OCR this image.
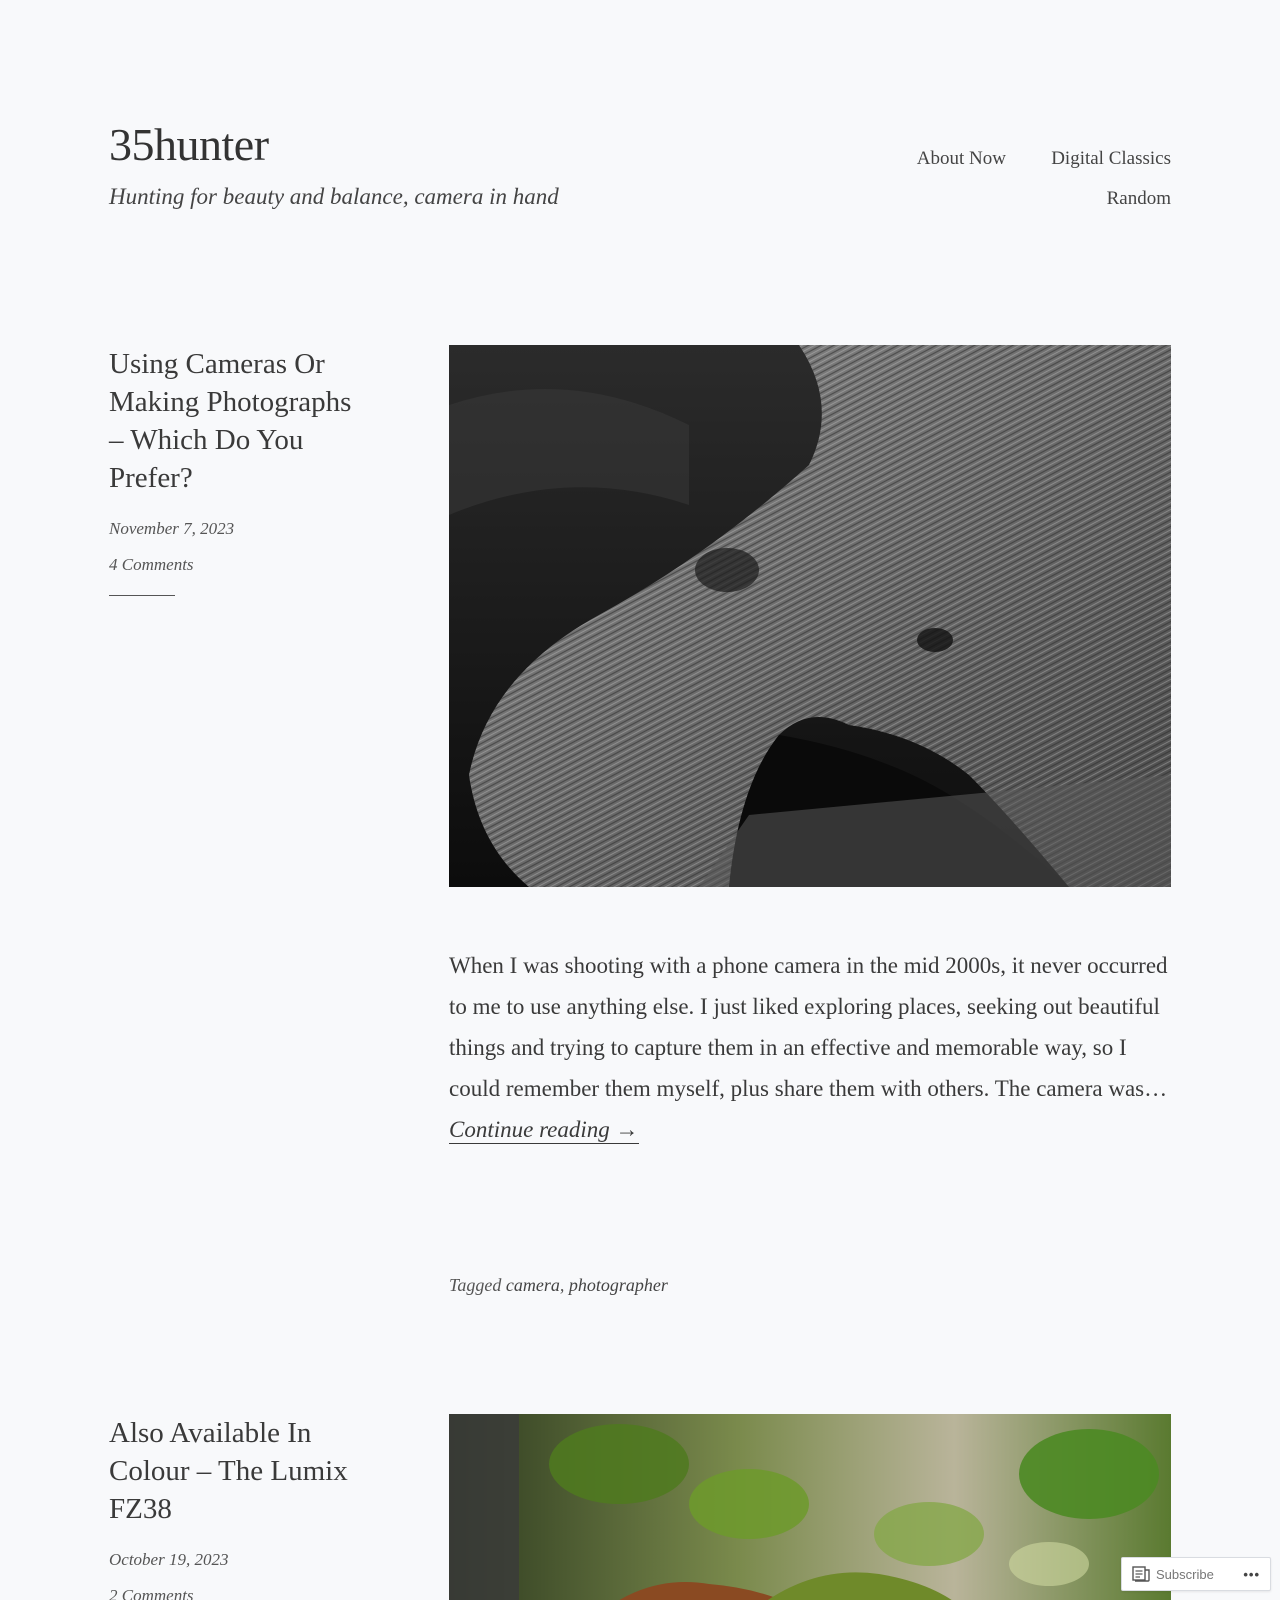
35hunter

Hunting for beauty and balance, camera in hand

About Now Digital Classics
Random
Using Cameras Or Making Photographs – Which Do You Prefer?
November 7, 2023
4 Comments
When I was shooting with a phone camera in the mid 2000s, it never occurred to me to use anything else. I just liked exploring places, seeking out beautiful things and trying to capture them in an effective and memorable way, so I could remember them myself, plus share them with others. The camera was… Continue reading →
Tagged camera, photographer
Also Available In Colour – The Lumix FZ38
October 19, 2023
2 Comments
Subscribe	•••
